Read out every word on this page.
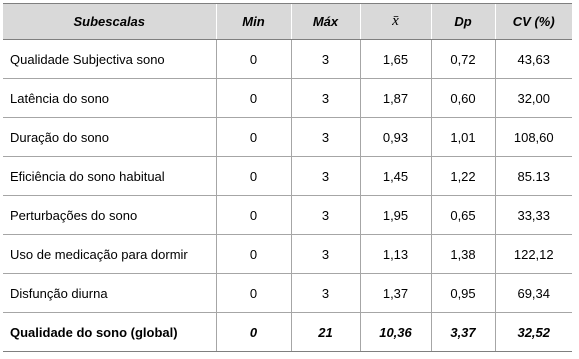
Subescalas	Min	Máx	x̄	Dp	CV (%)
Qualidade Subjectiva sono	0	3	1,65	0,72	43,63
Latência do sono	0	3	1,87	0,60	32,00
Duração do sono	0	3	0,93	1,01	108,60
Eficiência do sono habitual	0	3	1,45	1,22	85.13
Perturbações do sono	0	3	1,95	0,65	33,33
Uso de medicação para dormir	0	3	1,13	1,38	122,12
Disfunção diurna	0	3	1,37	0,95	69,34
Qualidade do sono (global)	0	21	10,36	3,37	32,52
